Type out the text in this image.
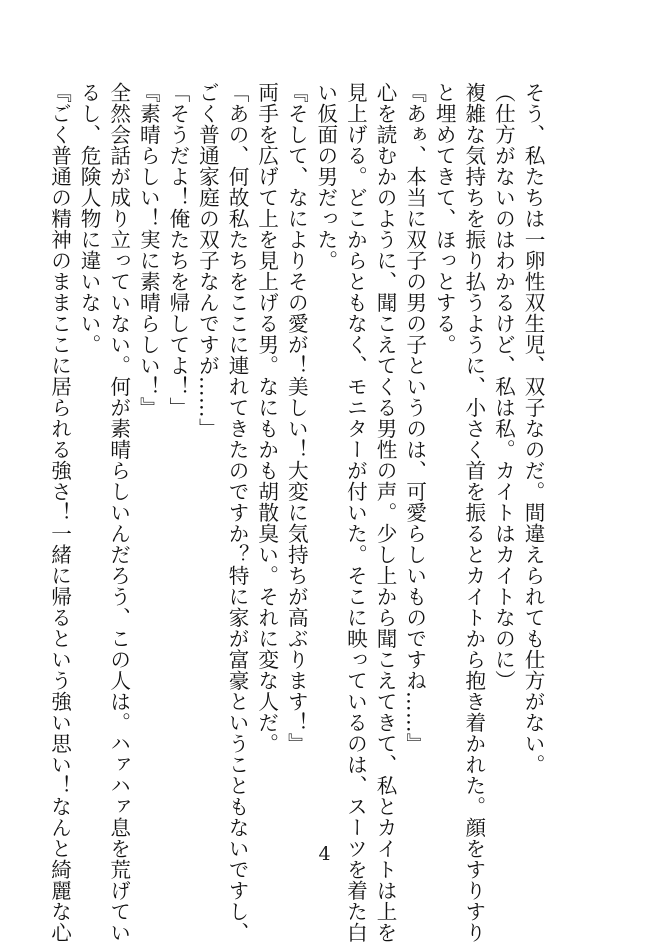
そう、私たちは一卵性双生児、双子なのだ。間違えられても仕方がない。
（仕方がないのはわかるけど、私は私。カイトはカイトなのに）
複雑な気持ちを振り払うように、小さく首を振るとカイトから抱き着かれた。顔をすりすり
と埋めてきて、ほっとする。
『あぁ、本当に双子の男の子というのは、可愛らしいものですね……』
心を読むかのように、聞こえてくる男性の声。少し上から聞こえてきて、私とカイトは上を
見上げる。どこからともなく、モニターが付いた。そこに映っているのは、スーツを着た白
い仮面の男だった。
『そして、なによりその愛が！美しい！大変に気持ちが高ぶります！』
両手を広げて上を見上げる男。なにもかも胡散臭い。それに変な人だ。
「あの、何故私たちをここに連れてきたのですか？特に家が富豪ということもないですし、
ごく普通家庭の双子なんですが……」
「そうだよ！俺たちを帰してよ！」
『素晴らしい！実に素晴らしい！』
全然会話が成り立っていない。何が素晴らしいんだろう、この人は。ハァハァ息を荒げてい
るし、危険人物に違いない。
『ごく普通の精神のままここに居られる強さ！一緒に帰るという強い思い！なんと綺麗な心	4
